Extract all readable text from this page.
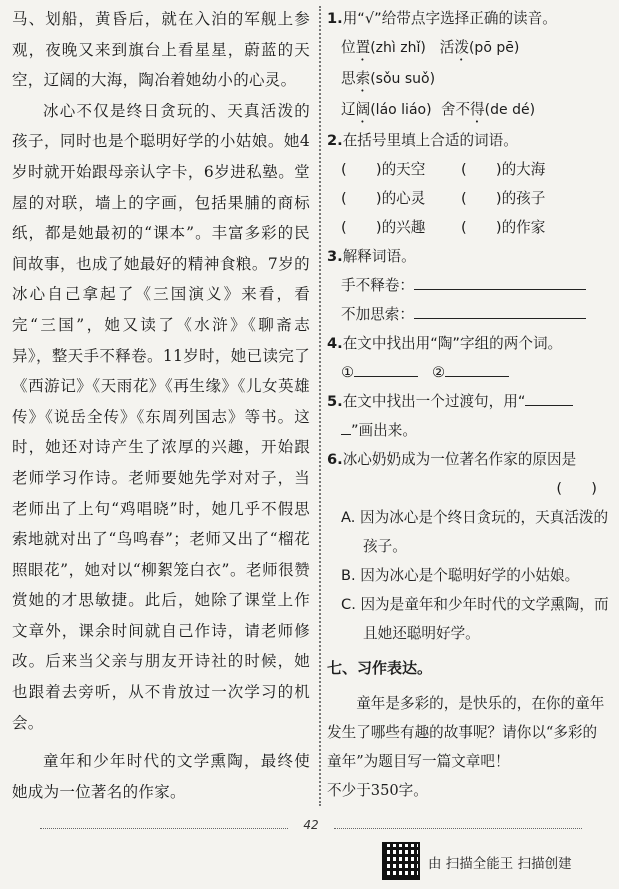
马、划船，黄昏后，就在入泊的军舰上参观，夜晚又来到旗台上看星星，蔚蓝的天空，辽阔的大海，陶冶着她幼小的心灵。

冰心不仅是终日贪玩的、天真活泼的孩子，同时也是个聪明好学的小姑娘。她4岁时就开始跟母亲认字卡，6岁进私塾。堂屋的对联，墙上的字画，包括果脯的商标纸，都是她最初的“课本”。丰富多彩的民间故事，也成了她最好的精神食粮。7岁的冰心自己拿起了《三国演义》来看，看完“三国”，她又读了《水浒》《聊斋志异》，整天手不释卷。11岁时，她已读完了《西游记》《天雨花》《再生缘》《儿女英雄传》《说岳全传》《东周列国志》等书。这时，她还对诗产生了浓厚的兴趣，开始跟老师学习作诗。老师要她先学对对子，当老师出了上句“鸡唱晓”时，她几乎不假思索地就对出了“鸟鸣春”；老师又出了“榴花照眼花”，她对以“柳絮笼白衣”。老师很赞赏她的才思敏捷。此后，她除了课堂上作文章外，课余时间就自己作诗，请老师修改。后来当父亲与朋友开诗社的时候，她也跟着去旁听，从不肯放过一次学习的机会。

童年和少年时代的文学熏陶，最终使她成为一位著名的作家。

1.用“√”给带点字选择正确的读音。

位置(zhì zhǐ) 活泼(pō pē)

思索(sǒu suǒ)

辽阔(láo liáo) 舍不得(de dé)

2.在括号里填上合适的词语。

(　　)的天空 (　　)的大海

(　　)的心灵 (　　)的孩子

(　　)的兴趣 (　　)的作家

3.解释词语。

手不释卷：

不加思索：

4.在文中找出用“陶”字组的两个词。

①	②

5.在文中找出一个过渡句，用“

”画出来。

6.冰心奶奶成为一位著名作家的原因是

(　　)

A. 因为冰心是个终日贪玩的，天真活泼的孩子。

B. 因为冰心是个聪明好学的小姑娘。

C. 因为是童年和少年时代的文学熏陶，而且她还聪明好学。

七、习作表达。

童年是多彩的，是快乐的，在你的童年发生了哪些有趣的故事呢？请你以“多彩的童年”为题目写一篇文章吧！

不少于350字。

42
由 扫描全能王 扫描创建
